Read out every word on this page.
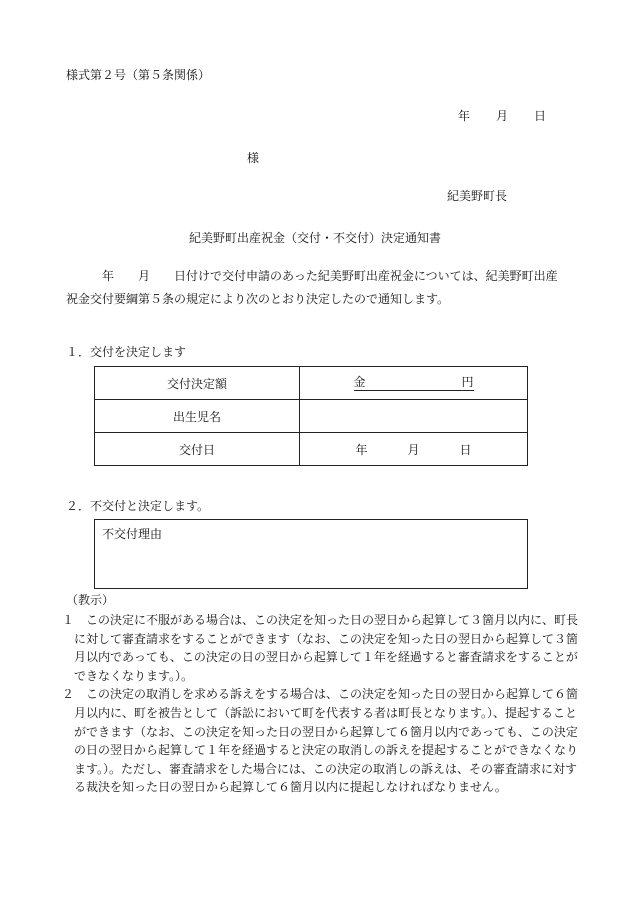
様式第２号（第５条関係）
年 月 日
様
紀美野町長
紀美野町出産祝金（交付・不交付）決定通知書
年 月 日付けで交付申請のあった紀美野町出産祝金については、紀美野町出産祝金交付要綱第５条の規定により次のとおり決定したので通知します。
１．交付を決定します
交付決定額	金 円

出生児名	
交付日	年 月 日
２．不交付と決定します。
不交付理由
（教示）
１ この決定に不服がある場合は、この決定を知った日の翌日から起算して３箇月以内に、町長に対して審査請求をすることができます（なお、この決定を知った日の翌日から起算して３箇月以内であっても、この決定の日の翌日から起算して１年を経過すると審査請求をすることができなくなります。）。
２ この決定の取消しを求める訴えをする場合は、この決定を知った日の翌日から起算して６箇月以内に、町を被告として（訴訟において町を代表する者は町長となります。）、提起することができます（なお、この決定を知った日の翌日から起算して６箇月以内であっても、この決定の日の翌日から起算して１年を経過すると決定の取消しの訴えを提起することができなくなります。）。ただし、審査請求をした場合には、この決定の取消しの訴えは、その審査請求に対する裁決を知った日の翌日から起算して６箇月以内に提起しなければなりません。
